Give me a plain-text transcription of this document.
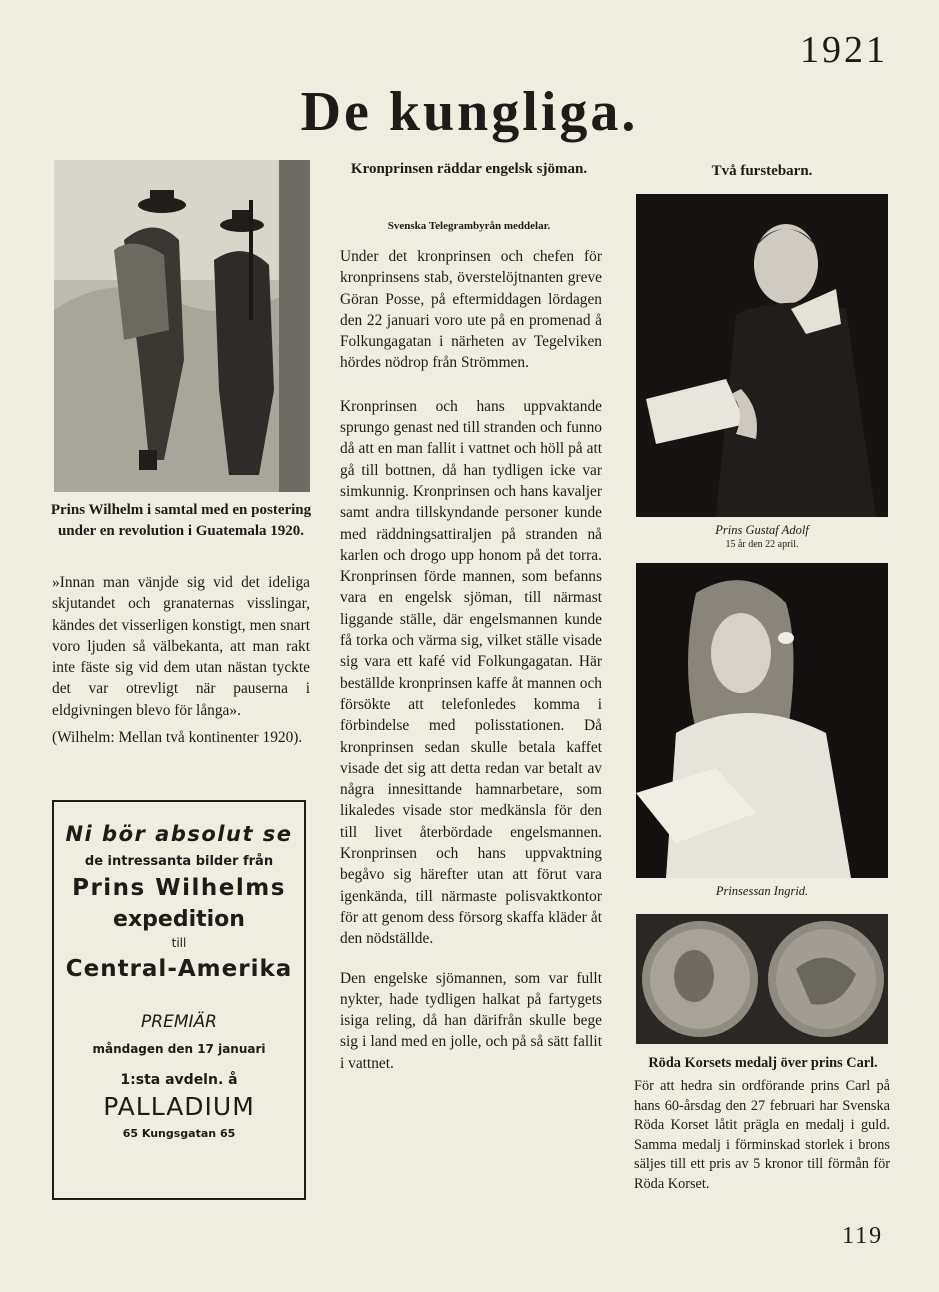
1921
De kungliga.
Prins Wilhelm i samtal med en postering under en revolution i Guatemala 1920.

»Innan man vänjde sig vid det ideliga skjutandet och granaternas visslingar, kändes det visserligen konstigt, men snart voro ljuden så välbekanta, att man rakt inte fäste sig vid dem utan nästan tyckte det var otrevligt när pauserna i eldgivningen blevo för långa».

(Wilhelm: Mellan två kontinenter 1920).

Ni bör absolut se
de intressanta bilder från
Prins Wilhelms
expedition
till
Central-Amerika
PREMIÄR
måndagen den 17 januari
1:sta avdeln. å
PALLADIUM
65 Kungsgatan 65
Kronprinsen räddar engelsk sjöman.
Svenska Telegrambyrån meddelar.

Under det kronprinsen och chefen för kronprinsens stab, överstelöjtnanten greve Göran Posse, på eftermiddagen lördagen den 22 januari voro ute på en promenad å Folkungagatan i närheten av Tegelviken hördes nödrop från Strömmen.

Kronprinsen och hans uppvaktande sprungo genast ned till stranden och funno då att en man fallit i vattnet och höll på att gå till bottnen, då han tydligen icke var simkunnig. Kronprinsen och hans kavaljer samt andra tillskyndande personer kunde med räddningsattiraljen på stranden nå karlen och drogo upp honom på det torra. Kronprinsen förde mannen, som befanns vara en engelsk sjöman, till närmast liggande ställe, där engelsmannen kunde få torka och värma sig, vilket ställe visade sig vara ett kafé vid Folkungagatan. Här beställde kronprinsen kaffe åt mannen och försökte att telefonledes komma i förbindelse med polisstationen. Då kronprinsen sedan skulle betala kaffet visade det sig att detta redan var betalt av några innesittande hamnarbetare, som likaledes visade stor medkänsla för den till livet återbördade engelsmannen. Kronprinsen och hans uppvaktning begåvo sig härefter utan att förut vara igenkända, till närmaste polisvaktkontor för att genom dess försorg skaffa kläder åt den nödställde.

Den engelske sjömannen, som var fullt nykter, hade tydligen halkat på fartygets isiga reling, då han därifrån skulle bege sig i land med en jolle, och på så sätt fallit i vattnet.

Två furstebarn.
Prins Gustaf Adolf
15 år den 22 april.
Prinsessan Ingrid.
Röda Korsets medalj över prins Carl.
För att hedra sin ordförande prins Carl på hans 60-årsdag den 27 februari har Svenska Röda Korset låtit prägla en medalj i guld. Samma medalj i förminskad storlek i brons säljes till ett pris av 5 kronor till förmån för Röda Korset.
119
